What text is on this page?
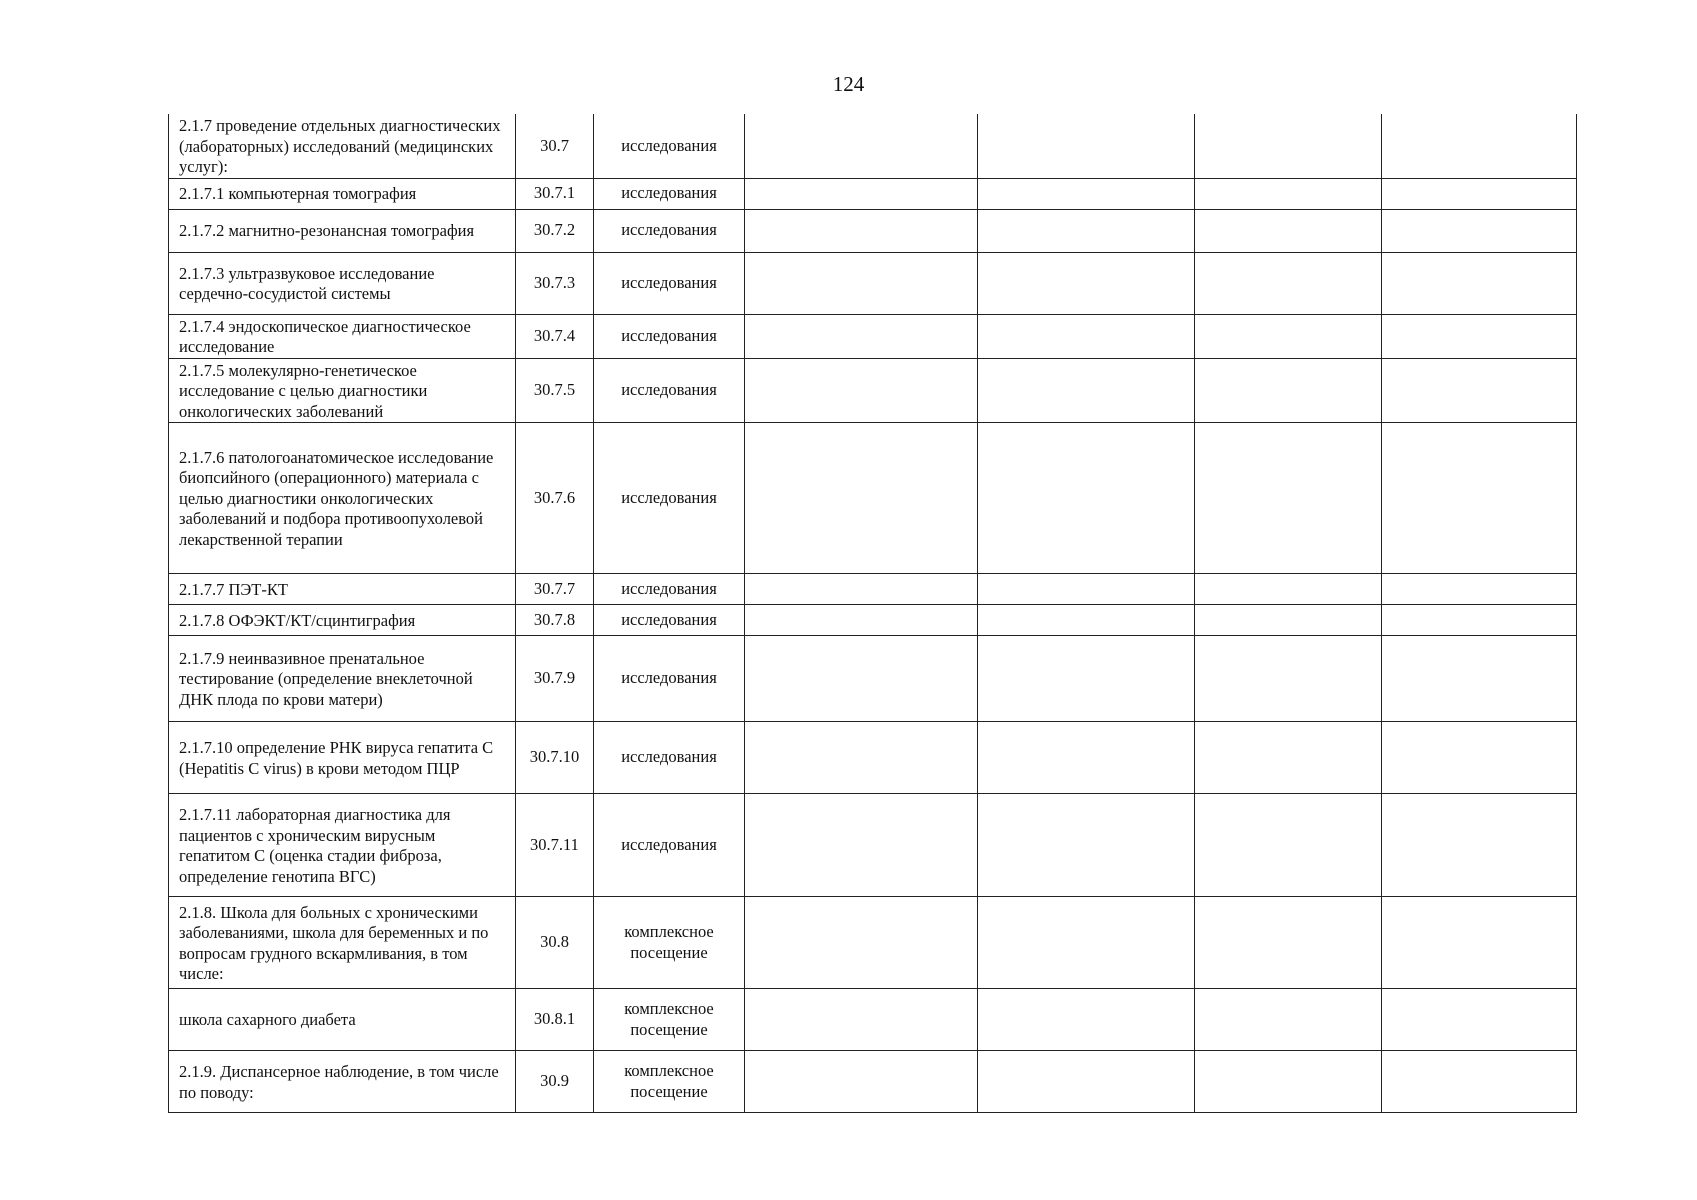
124
2.1.7 проведение отдельных диагностических (лабораторных) исследований (медицинских услуг):	30.7	исследования				
2.1.7.1 компьютерная томография	30.7.1	исследования				
2.1.7.2 магнитно-резонансная томография	30.7.2	исследования				
2.1.7.3 ультразвуковое исследование сердечно-сосудистой системы	30.7.3	исследования				
2.1.7.4 эндоскопическое диагностическое исследование	30.7.4	исследования				
2.1.7.5 молекулярно-генетическое исследование с целью диагностики онкологических заболеваний	30.7.5	исследования				
2.1.7.6 патологоанатомическое исследование биопсийного (операционного) материала с целью диагностики онкологических заболеваний и подбора противоопухолевой лекарственной терапии	30.7.6	исследования				
2.1.7.7 ПЭТ-КТ	30.7.7	исследования				
2.1.7.8 ОФЭКТ/КТ/сцинтиграфия	30.7.8	исследования				
2.1.7.9 неинвазивное пренатальное тестирование (определение внеклеточной ДНК плода по крови матери)	30.7.9	исследования				
2.1.7.10 определение РНК вируса гепатита C (Hepatitis C virus) в крови методом ПЦР	30.7.10	исследования				
2.1.7.11 лабораторная диагностика для пациентов с хроническим вирусным гепатитом C (оценка стадии фиброза, определение генотипа ВГС)	30.7.11	исследования				
2.1.8. Школа для больных с хроническими заболеваниями, школа для беременных и по вопросам грудного вскармливания, в том числе:	30.8	комплексное посещение				
школа сахарного диабета	30.8.1	комплексное посещение				
2.1.9. Диспансерное наблюдение, в том числе по поводу:	30.9	комплексное посещение				
